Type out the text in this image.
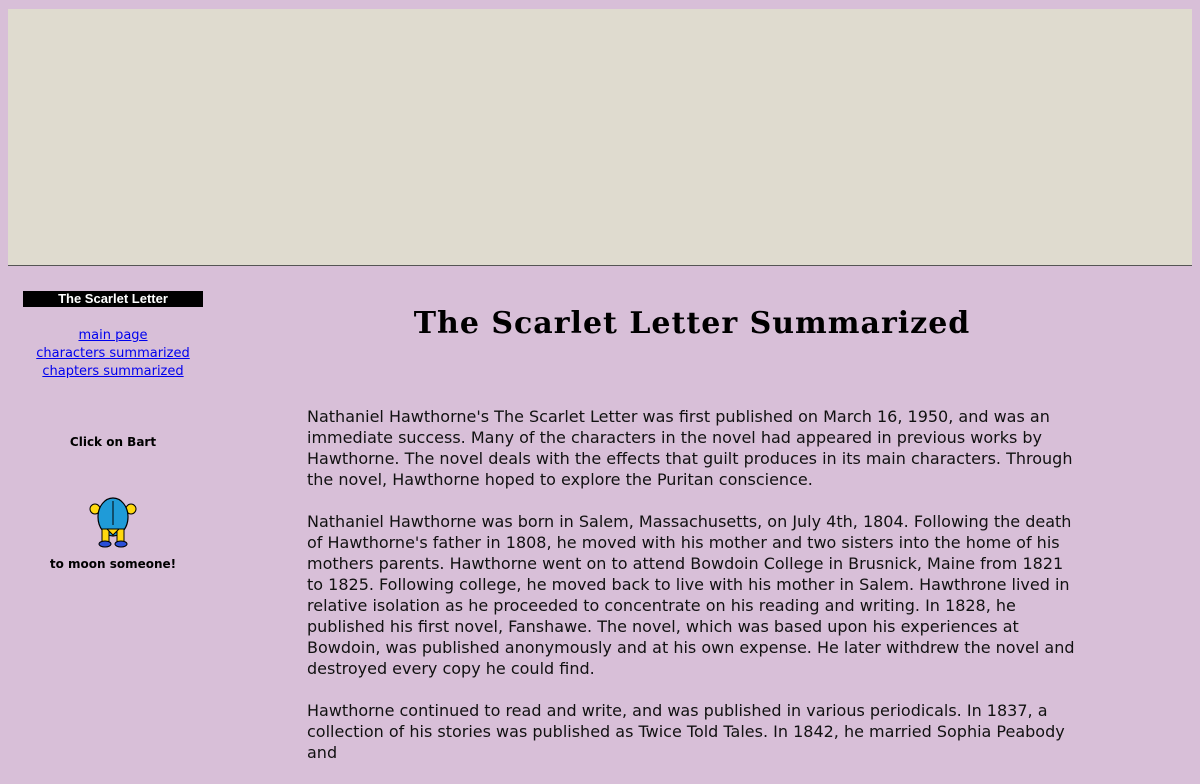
The Scarlet Letter
main page
characters summarized
chapters summarized
Click on Bart
to moon someone!
The Scarlet Letter Summarized

Nathaniel Hawthorne's The Scarlet Letter was first published on March 16, 1950, and was an immediate success. Many of the characters in the novel had appeared in previous works by Hawthorne. The novel deals with the effects that guilt produces in its main characters. Through the novel, Hawthorne hoped to explore the Puritan conscience.

Nathaniel Hawthorne was born in Salem, Massachusetts, on July 4th, 1804. Following the death of Hawthorne's father in 1808, he moved with his mother and two sisters into the home of his mothers parents. Hawthorne went on to attend Bowdoin College in Brusnick, Maine from 1821 to 1825. Following college, he moved back to live with his mother in Salem. Hawthrone lived in relative isolation as he proceeded to concentrate on his reading and writing. In 1828, he published his first novel, Fanshawe. The novel, which was based upon his experiences at Bowdoin, was published anonymously and at his own expense. He later withdrew the novel and destroyed every copy he could find.

Hawthorne continued to read and write, and was published in various periodicals. In 1837, a collection of his stories was published as Twice Told Tales. In 1842, he married Sophia Peabody and
